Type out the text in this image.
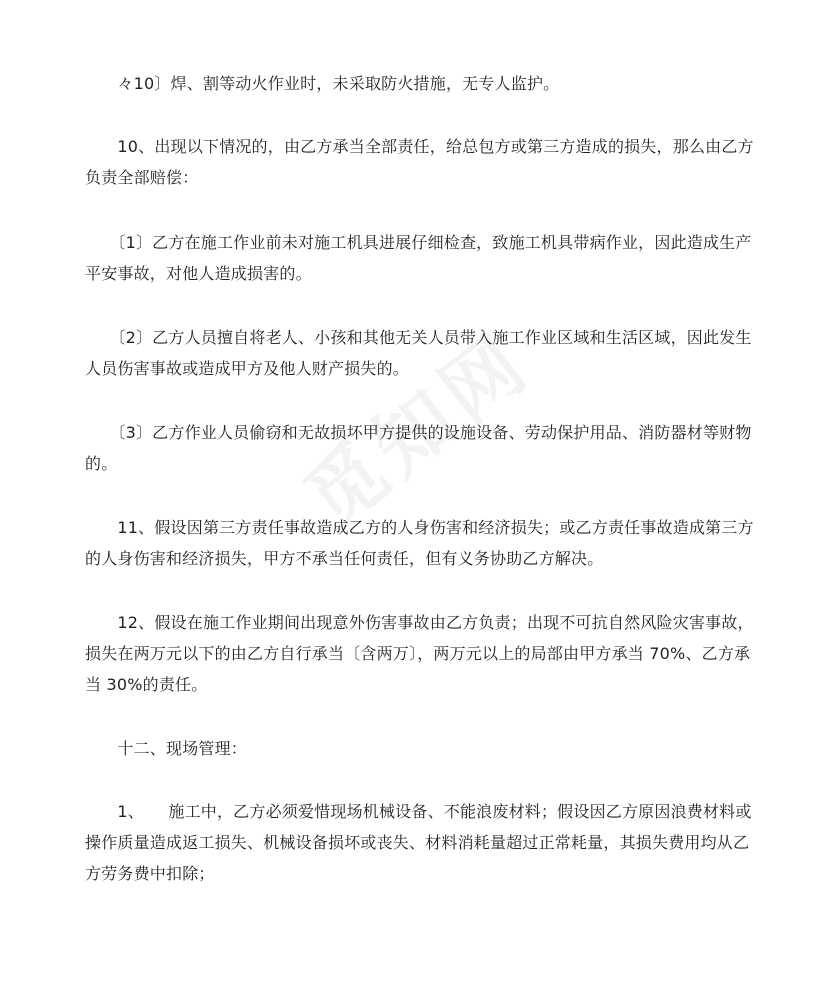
　　々10〕焊、割等动火作业时，未采取防火措施，无专人监护。

　　10、出现以下情况的，由乙方承当全部责任，给总包方或第三方造成的损失，那么由乙方负责全部赔偿：

　　〔1〕乙方在施工作业前未对施工机具进展仔细检查，致施工机具带病作业，因此造成生产平安事故，对他人造成损害的。

　　〔2〕乙方人员擅自将老人、小孩和其他无关人员带入施工作业区域和生活区域，因此发生人员伤害事故或造成甲方及他人财产损失的。

　　〔3〕乙方作业人员偷窃和无故损坏甲方提供的设施设备、劳动保护用品、消防器材等财物的。

　　11、假设因第三方责任事故造成乙方的人身伤害和经济损失；或乙方责任事故造成第三方的人身伤害和经济损失，甲方不承当任何责任，但有义务协助乙方解决。

　　12、假设在施工作业期间出现意外伤害事故由乙方负责；出现不可抗自然风险灾害事故，损失在两万元以下的由乙方自行承当〔含两万〕，两万元以上的局部由甲方承当 70%、乙方承当 30%的责任。

　　十二、现场管理：

　　1、　　施工中，乙方必须爱惜现场机械设备、不能浪废材料；假设因乙方原因浪费材料或操作质量造成返工损失、机械设备损坏或丧失、材料消耗量超过正常耗量，其损失费用均从乙方劳务费中扣除；
